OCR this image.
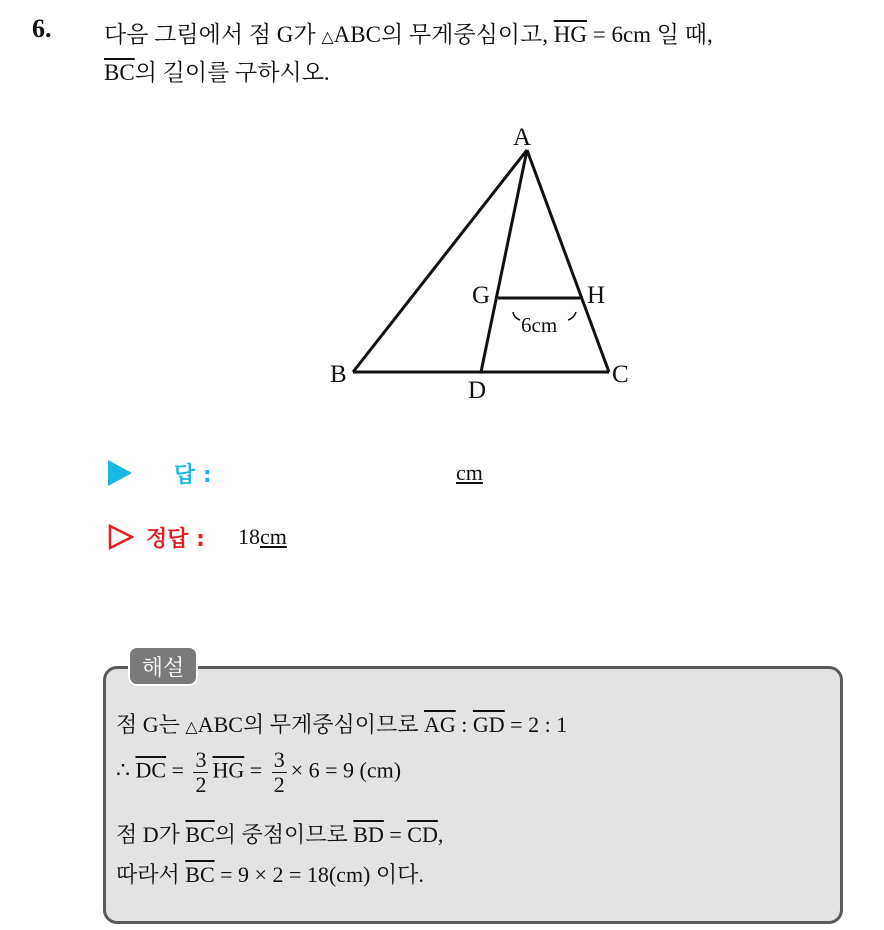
6. 다음 그림에서 점 G가 △ABC의 무게중심이고, $\overline{HG} = 6cm$ 일 때,
$\overline{BC}$의 길이를 구하시오.
A
B	C
D
G	H
6cm
답 :	cm
정답 : 18cm
해설
점 G는 △ABC의 무게중심이므로 $\overline{AG}$ : $\overline{GD} = 2$ : 1
∴ $\overline{DC} = \frac{3}{2} \overline{HG} = \frac{3}{2} \times 6 = 9$ (cm)
점 D가 $\overline{BC}$의 중점이므로 $\overline{BD} = \overline{CD}$,
따라서 $\overline{BC} = 9 \times 2 = 18(cm)$ 이다.
